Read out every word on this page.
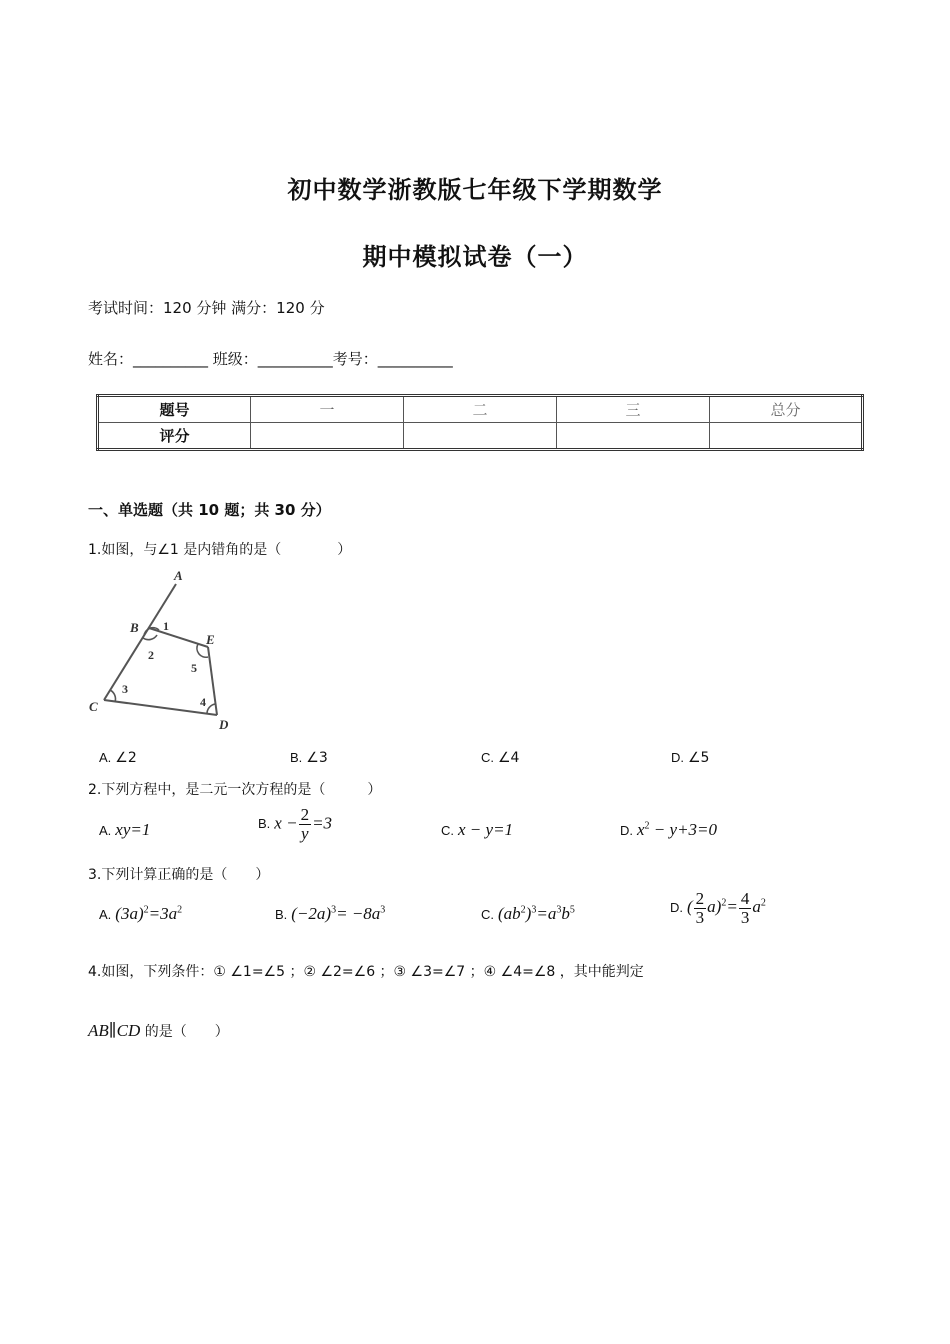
初中数学浙教版七年级下学期数学
期中模拟试卷（一）
考试时间：120 分钟 满分：120 分
姓名：__________ 班级：__________考号：__________
题号	一	二	三	总分
评分				
一、单选题（共 10 题；共 30 分）
1.如图，与∠1 是内错角的是（　　　　）
A
B 1
2
E
5
3
4
C
D
A. ∠2	B. ∠3	C. ∠4	D. ∠5
2.下列方程中，是二元一次方程的是（　　　）
A. xy=1	B. $x - \frac{2}{y} =3$	C. x − y=1	D. $x^2 - y+3=0$
3.下列计算正确的是（　　）
A. $(3a)^2=3a^2$	B. $(-2a)^3= -8a^3$	C. $(ab^2)^3=a^3b^5$	D. ( $\frac{2}{3} a)^2= \frac{4}{3} a^2$
4.如图，下列条件：① ∠1=∠5 ；② ∠2=∠6 ；③ ∠3=∠7 ；④ ∠4=∠8 ，其中能判定
AB∥CD 的是（　　）
